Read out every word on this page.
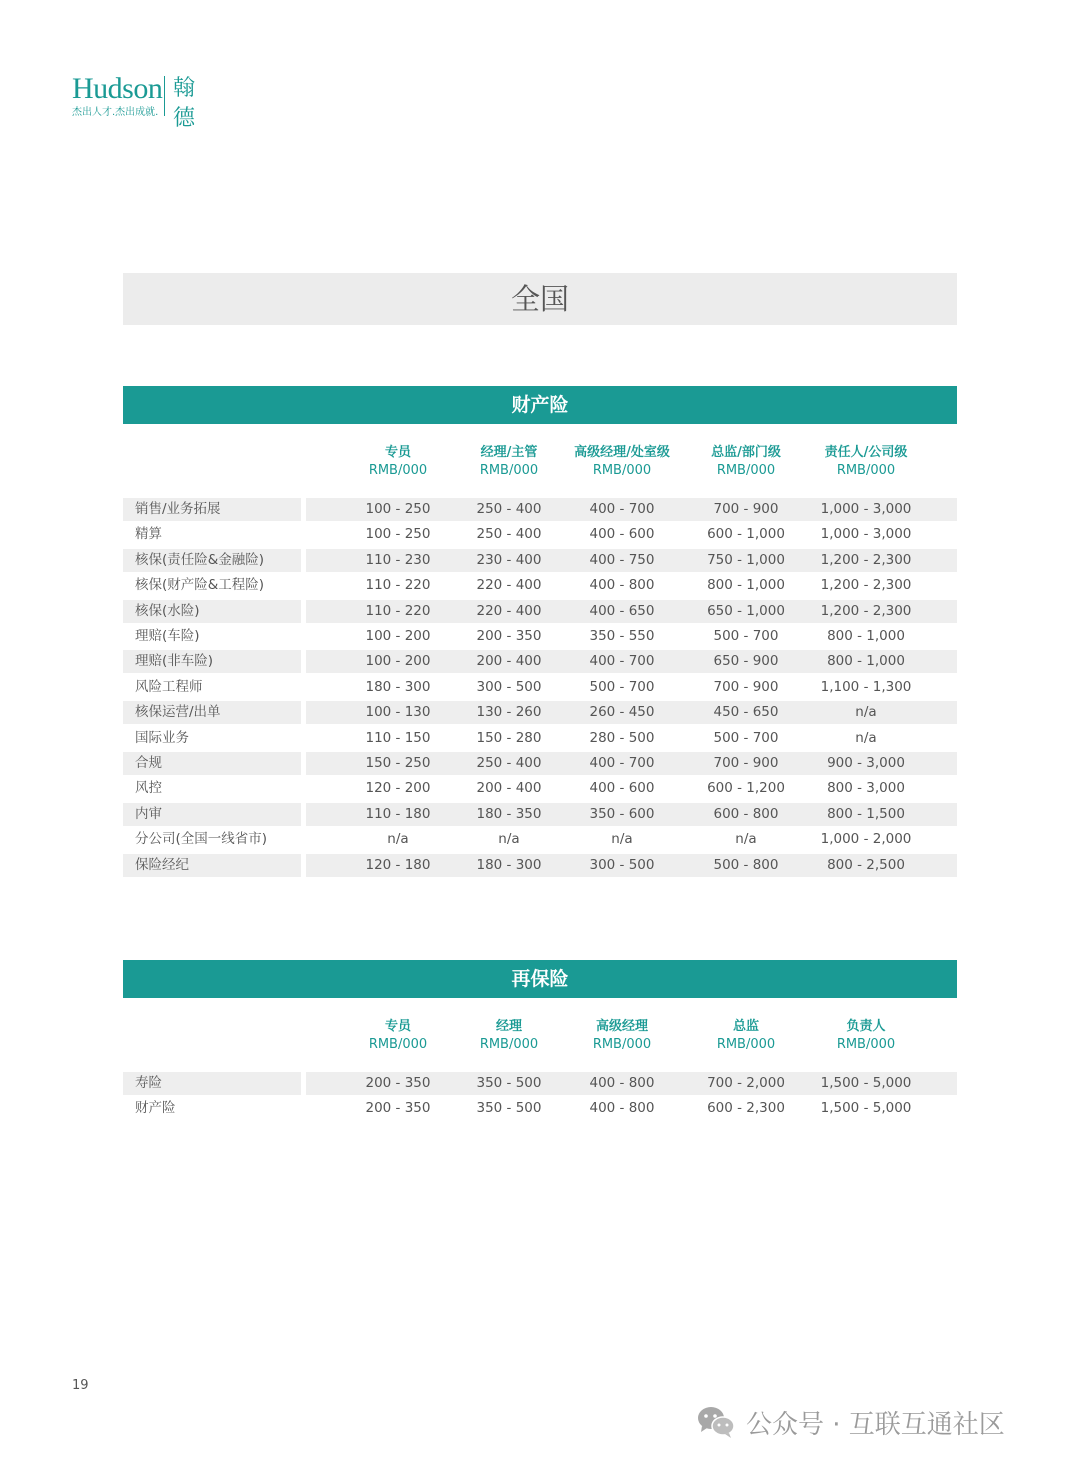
Hudson 翰德
杰出人才.杰出成就.
全国
财产险
专员
RMB/000
经理/主管
RMB/000
高级经理/处室级
RMB/000
总监/部门级
RMB/000
责任人/公司级
RMB/000
销售/业务拓展	100 - 250	250 - 400	400 - 700	700 - 900	1,000 - 3,000
精算	100 - 250	250 - 400	400 - 600	600 - 1,000	1,000 - 3,000
核保(责任险&金融险)	110 - 230	230 - 400	400 - 750	750 - 1,000	1,200 - 2,300
核保(财产险&工程险)	110 - 220	220 - 400	400 - 800	800 - 1,000	1,200 - 2,300
核保(水险)	110 - 220	220 - 400	400 - 650	650 - 1,000	1,200 - 2,300
理赔(车险)	100 - 200	200 - 350	350 - 550	500 - 700	800 - 1,000
理赔(非车险)	100 - 200	200 - 400	400 - 700	650 - 900	800 - 1,000
风险工程师	180 - 300	300 - 500	500 - 700	700 - 900	1,100 - 1,300
核保运营/出单	100 - 130	130 - 260	260 - 450	450 - 650	n/a
国际业务	110 - 150	150 - 280	280 - 500	500 - 700	n/a
合规	150 - 250	250 - 400	400 - 700	700 - 900	900 - 3,000
风控	120 - 200	200 - 400	400 - 600	600 - 1,200	800 - 3,000
内审	110 - 180	180 - 350	350 - 600	600 - 800	800 - 1,500
分公司(全国一线省市)	n/a	n/a	n/a	n/a	1,000 - 2,000
保险经纪	120 - 180	180 - 300	300 - 500	500 - 800	800 - 2,500
再保险
专员
RMB/000
经理
RMB/000
高级经理
RMB/000
总监
RMB/000
负责人
RMB/000
寿险	200 - 350	350 - 500	400 - 800	700 - 2,000	1,500 - 5,000
财产险	200 - 350	350 - 500	400 - 800	600 - 2,300	1,500 - 5,000
19
公众号 · 互联互通社区
